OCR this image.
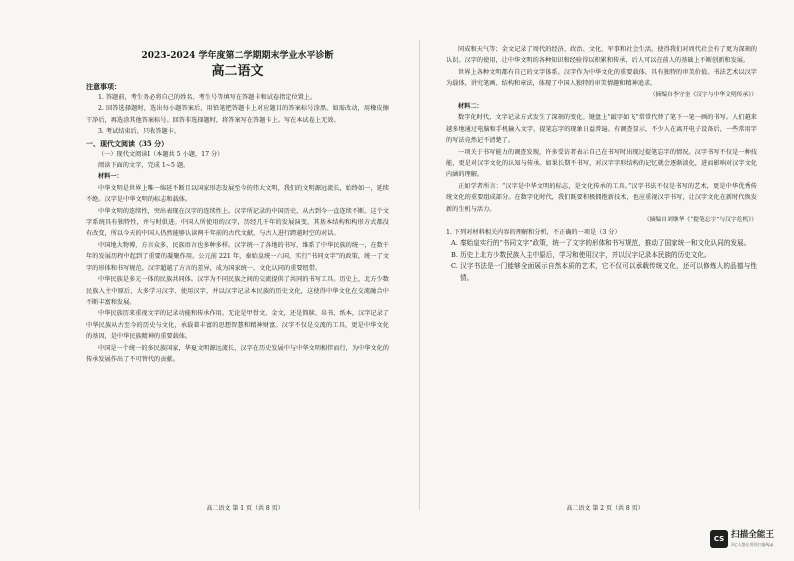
2023-2024 学年度第二学期期末学业水平诊断
高二语文
注意事项：
1. 答题前，考生务必将自己的姓名、考生号等填写在答题卡和试卷指定位置上。
2. 回答选择题时，选出每小题答案后，用铅笔把答题卡上对应题目的答案标号涂黑。如需改动，用橡皮擦干净后，再选涂其他答案标号。回答非选择题时，将答案写在答题卡上。写在本试卷上无效。
3. 考试结束后，只收答题卡。
一、现代文阅读（35 分）
（一）现代文阅读Ⅰ（本题共 5 小题，17 分）
阅读下面的文字，完成 1~5 题。
材料一：
中华文明是世界上唯一绵延不断且以国家形态发展至今的伟大文明，我们的文明源远流长，始终如一，延续不绝。汉字是中华文明的标志和载体。
中华文明的连续性，突出表现在汉字的连续性上。汉字所记录的中国历史，从古到今一直连续不断。这个文字系统具有独特性，并与时俱进。中国人所使用的汉字，历经几千年的发展演变，其基本结构和构形方式都没有改变，所以今天的中国人仍然能够认读两千年前的古代文献，与古人进行跨越时空的对话。
中国地大物博，方言众多，民族语言也多种多样。汉字统一了各地的书写，维系了中华民族的统一，在数千年的发展历程中起到了重要的凝聚作用。公元前 221 年，秦始皇统一六国，实行“书同文字”的政策，统一了文字的形体和书写规范。汉字超越了方言的差异，成为国家统一、文化认同的重要纽带。
中华民族是多元一体的民族共同体。汉字为不同民族之间的交流提供了共同的书写工具。历史上，北方少数民族入主中原后，大多学习汉字、使用汉字，并以汉字记录本民族的历史文化，这使得中华文化在交流融合中不断丰富和发展。
中华民族历来重视文字的记录功能和传承作用。无论是甲骨文、金文，还是简牍、帛书、纸本，汉字记录了中华民族从古至今的历史与文化，承载着丰富的思想智慧和精神财富。汉字不仅是交流的工具，更是中华文化的基因，是中华民族精神的重要载体。
中国是一个统一的多民族国家，华夏文明源远流长，汉字在历史发展中与中华文明相伴而行，为中华文化的传承发展作出了不可替代的贡献。
高二语文 第 1 页（共 8 页）
同成和天气等；金文记录了周代的经济、政治、文化、军事和社会生活，使得我们对周代社会有了更为深刻的认识。汉字的使用，让中华文明的各种知识和经验得以积累和传承，后人可以在前人的基础上不断创新和发展。
世界上各种文明都有自己的文字体系。汉字作为中华文化的重要载体，具有独特的审美价值。书法艺术以汉字为载体，讲究笔画、结构和章法，体现了中国人独特的审美情趣和精神追求。
（摘编自李守奎《汉字与中华文明传承》）
材料二：
数字化时代，文字记录方式发生了深刻的变化。键盘上“敲字如飞”常常代替了笔下一笔一画的书写。人们越来越多地通过电脑和手机输入文字，提笔忘字的现象日益普遍。有调查显示，不少人在离开电子设备后，一些常用字的写法竟然记不清楚了。
一项关于书写能力的调查发现，许多受访者表示自己在书写时出现过提笔忘字的情况。汉字书写不仅是一种技能，更是对汉字文化的认知与传承。如果长期不书写，对汉字字形结构的记忆就会逐渐淡化，进而影响对汉字文化内涵的理解。
正如学者所言：“汉字是中华文明的标志，是文化传承的工具。”汉字书法不仅是书写的艺术，更是中华优秀传统文化的重要组成部分。在数字化时代，我们既要积极拥抱新技术，也应重视汉字书写，让汉字文化在新时代焕发新的生机与活力。
（摘编自刘继华《“提笔忘字”与汉字危机》）
1. 下列对材料相关内容的理解和分析，不正确的一项是（3 分）
A. 秦始皇实行的“书同文字”政策，统一了文字的形体和书写规范，推动了国家统一和文化认同的发展。
B. 历史上北方少数民族入主中原后，学习和使用汉字，并以汉字记录本民族的历史文化。
C. 汉字书法是一门能够全面展示自然本质的艺术，它不仅可以承载传统文化，还可以修炼人的品德与性情。
高二语文 第 2 页（共 8 页）
CS 扫描全能王
3亿人都在用的扫描App
